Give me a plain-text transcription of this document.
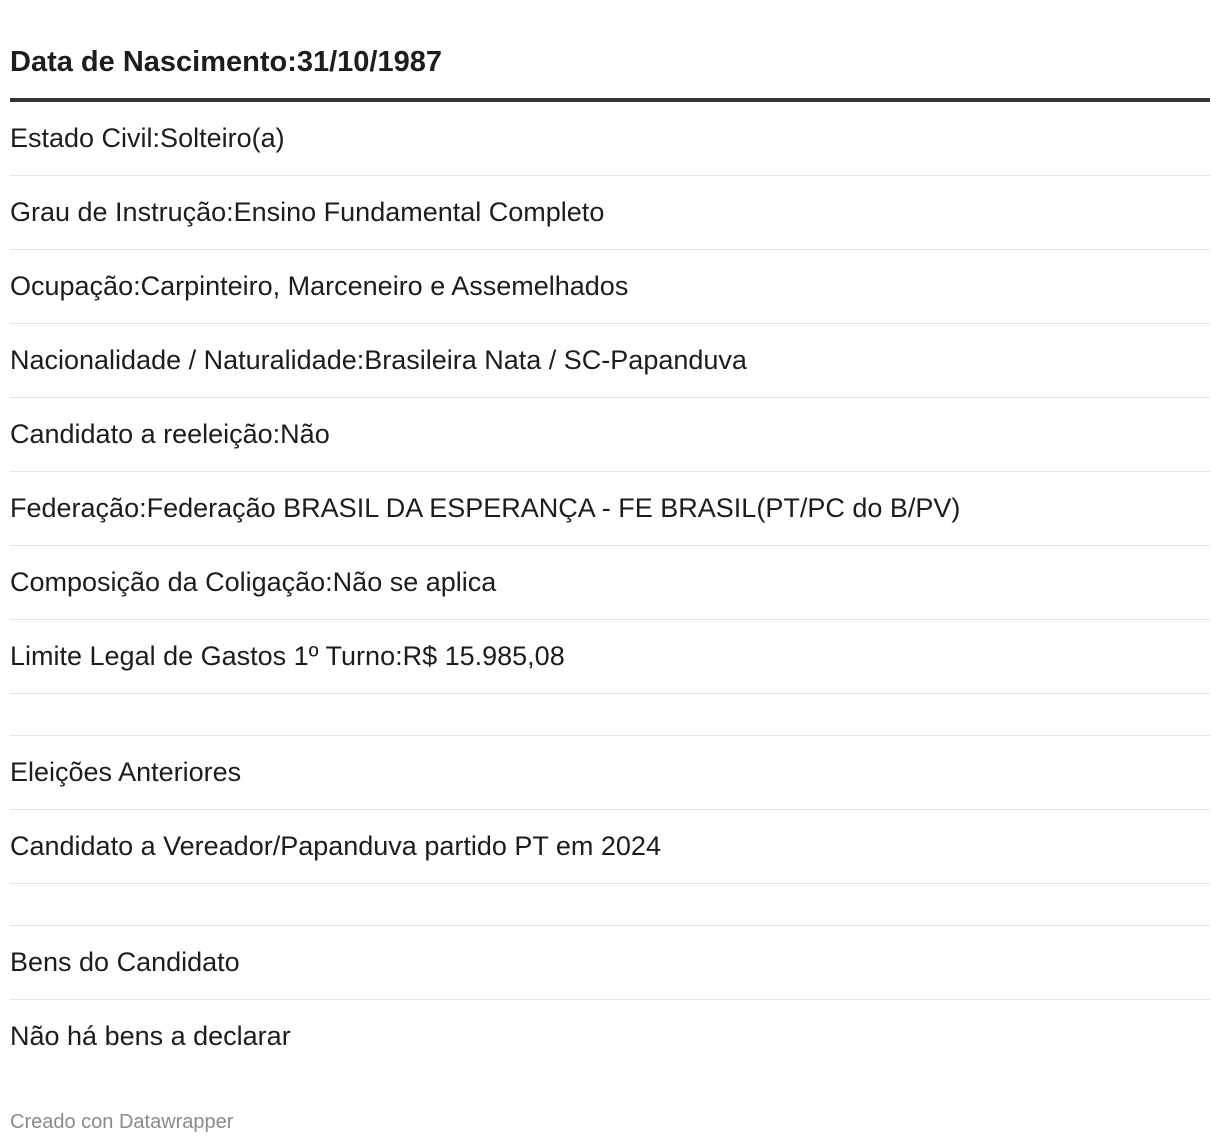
Data de Nascimento:31/10/1987
Estado Civil:Solteiro(a)
Grau de Instrução:Ensino Fundamental Completo
Ocupação:Carpinteiro, Marceneiro e Assemelhados
Nacionalidade / Naturalidade:Brasileira Nata / SC-Papanduva
Candidato a reeleição:Não
Federação:Federação BRASIL DA ESPERANÇA - FE BRASIL(PT/PC do B/PV)
Composição da Coligação:Não se aplica
Limite Legal de Gastos 1º Turno:R$ 15.985,08
Eleições Anteriores
Candidato a Vereador/Papanduva partido PT em 2024
Bens do Candidato
Não há bens a declarar
Creado con Datawrapper
